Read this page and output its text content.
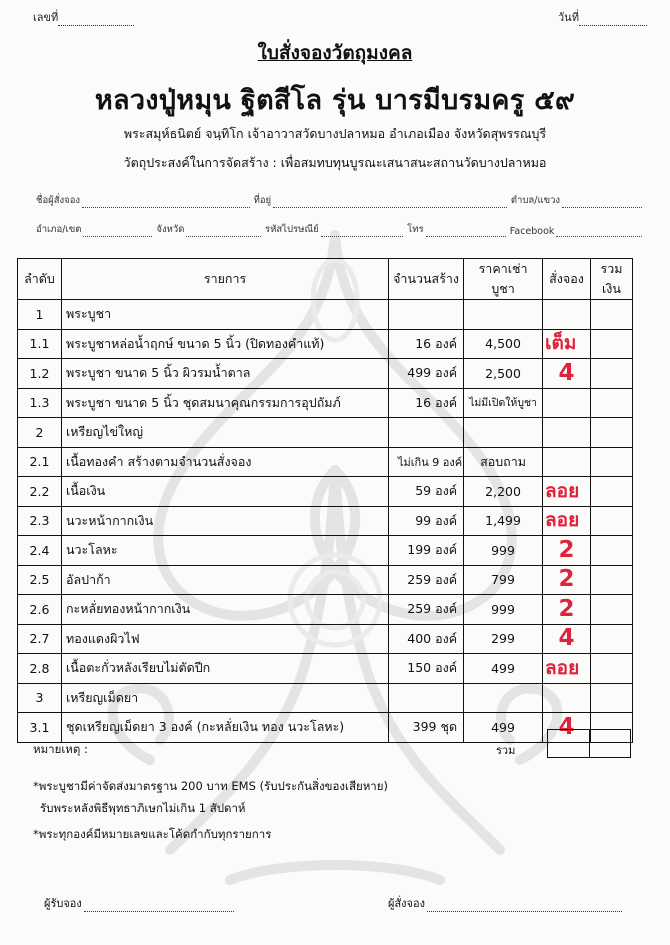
เลขที่	วันที่
ใบสั่งจองวัตถุมงคล
หลวงปู่หมุน ฐิตสีโล รุ่น บารมีบรมครู ๕๙
พระสมุห์ธนิตย์ จนฺทิโก เจ้าอาวาสวัดบางปลาหมอ อำเภอเมือง จังหวัดสุพรรณบุรี
วัตถุประสงค์ในการจัดสร้าง : เพื่อสมทบทุนบูรณะเสนาสนะสถานวัดบางปลาหมอ
ชื่อผู้สั่งจอง	ที่อยู่	ตำบล/แขวง
อำเภอ/เขต	จังหวัด	รหัสไปรษณีย์	โทร	Facebook
ลำดับ	รายการ	จำนวนสร้าง	ราคาเช่าบูชา	สั่งจอง	รวมเงิน
1	พระบูชา				
1.1	พระบูชาหล่อน้ำฤกษ์ ขนาด 5 นิ้ว (ปิดทองคำแท้)	16 องค์	4,500	เต็ม	
1.2	พระบูชา ขนาด 5 นิ้ว ผิวรมน้ำตาล	499 องค์	2,500	4	
1.3	พระบูชา ขนาด 5 นิ้ว ชุดสมนาคุณกรรมการอุปถัมภ์	16 องค์	ไม่มีเปิดให้บูชา		
2	เหรียญไข่ใหญ่				
2.1	เนื้อทองคำ สร้างตามจำนวนสั่งจอง	ไม่เกิน 9 องค์	สอบถาม		
2.2	เนื้อเงิน	59 องค์	2,200	ลอย	
2.3	นวะหน้ากากเงิน	99 องค์	1,499	ลอย	
2.4	นวะโลหะ	199 องค์	999	2	
2.5	อัลปาก้า	259 องค์	799	2	
2.6	กะหลั่ยทองหน้ากากเงิน	259 องค์	999	2	
2.7	ทองแดงผิวไฟ	400 องค์	299	4	
2.8	เนื้อตะกั่วหลังเรียบไม่ตัดปีก	150 องค์	499	ลอย	
3	เหรียญเม็ดยา				
3.1	ชุดเหรียญเม็ดยา 3 องค์ (กะหลั่ยเงิน ทอง นวะโลหะ)	399 ชุด	499	4	
รวม
หมายเหตุ :
*พระบูชามีค่าจัดส่งมาตรฐาน 200 บาท EMS (รับประกันสิ่งของเสียหาย)
รับพระหลังพิธีพุทธาภิเษกไม่เกิน 1 สัปดาห์
*พระทุกองค์มีหมายเลขและโค้ดกำกับทุกรายการ
ผู้รับจอง	ผู้สั่งจอง
